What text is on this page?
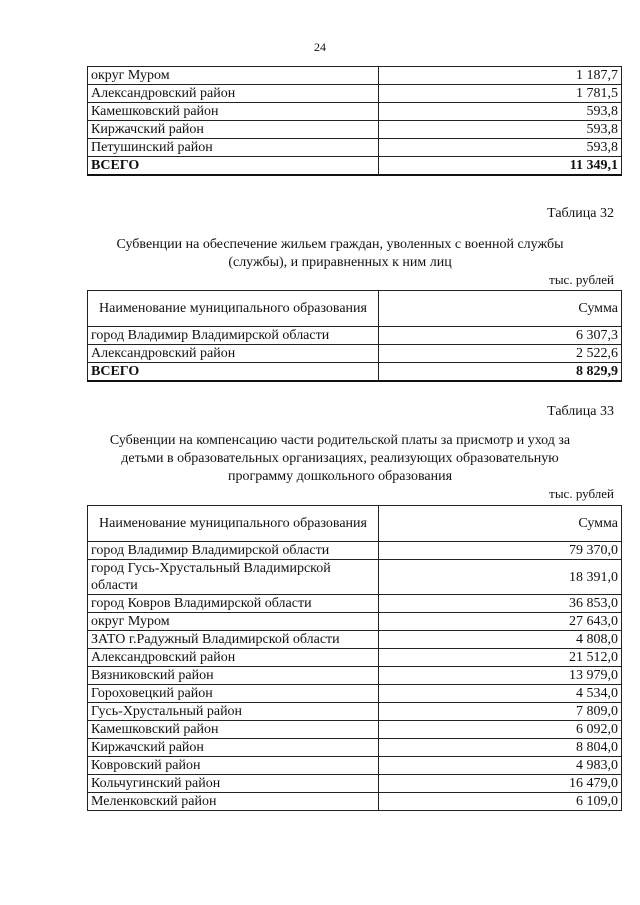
24
округ Муром	1 187,7
Александровский район	1 781,5
Камешковский район	593,8
Киржачский район	593,8
Петушинский район	593,8
ВСЕГО	11 349,1
Таблица 32
Субвенции на обеспечение жильем граждан, уволенных с военной службы (службы), и приравненных к ним лиц
тыс. рублей
Наименование муниципального образования	Сумма
город Владимир Владимирской области	6 307,3
Александровский район	2 522,6
ВСЕГО	8 829,9
Таблица 33
Субвенции на компенсацию части родительской платы за присмотр и уход за детьми в образовательных организациях, реализующих образовательную программу дошкольного образования
тыс. рублей
Наименование муниципального образования	Сумма
город Владимир Владимирской области	79 370,0
город Гусь-Хрустальный Владимирской области	18 391,0
город Ковров Владимирской области	36 853,0
округ Муром	27 643,0
ЗАТО г.Радужный Владимирской области	4 808,0
Александровский район	21 512,0
Вязниковский район	13 979,0
Гороховецкий район	4 534,0
Гусь-Хрустальный район	7 809,0
Камешковский район	6 092,0
Киржачский район	8 804,0
Ковровский район	4 983,0
Кольчугинский район	16 479,0
Меленковский район	6 109,0
